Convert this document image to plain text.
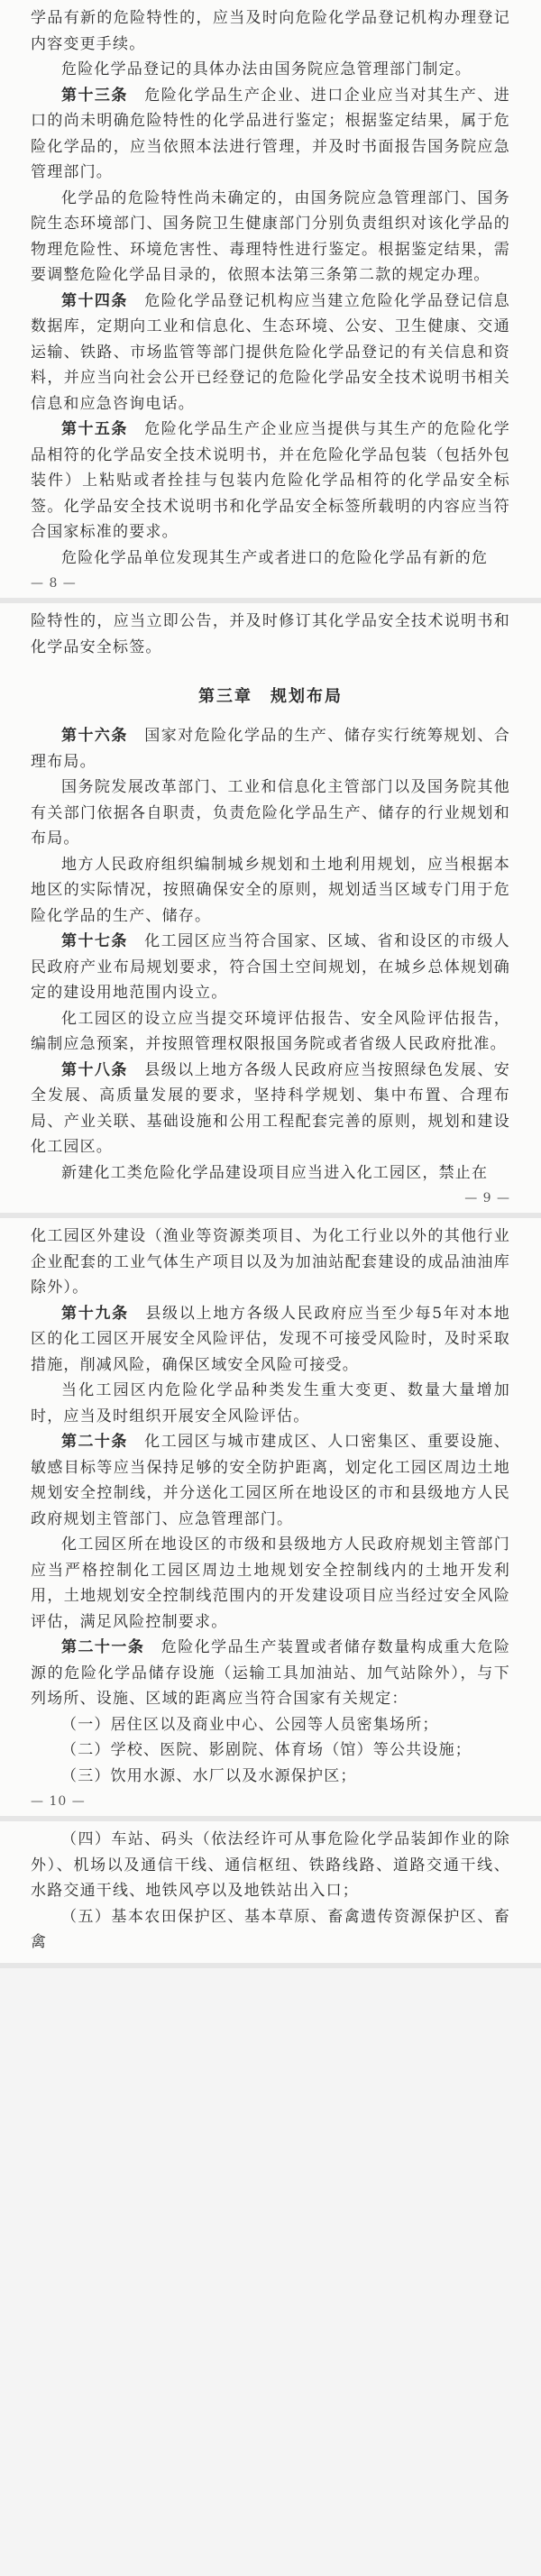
学品有新的危险特性的，应当及时向危险化学品登记机构办理登记内容变更手续。

危险化学品登记的具体办法由国务院应急管理部门制定。

第十三条　 危险化学品生产企业、进口企业应当对其生产、进口的尚未明确危险特性的化学品进行鉴定；根据鉴定结果，属于危险化学品的，应当依照本法进行管理，并及时书面报告国务院应急管理部门。

化学品的危险特性尚未确定的，由国务院应急管理部门、国务院生态环境部门、国务院卫生健康部门分别负责组织对该化学品的物理危险性、环境危害性、毒理特性进行鉴定。根据鉴定结果，需要调整危险化学品目录的，依照本法第三条第二款的规定办理。

第十四条　 危险化学品登记机构应当建立危险化学品登记信息数据库，定期向工业和信息化、生态环境、公安、卫生健康、交通运输、铁路、市场监管等部门提供危险化学品登记的有关信息和资料，并应当向社会公开已经登记的危险化学品安全技术说明书相关信息和应急咨询电话。

第十五条　 危险化学品生产企业应当提供与其生产的危险化学品相符的化学品安全技术说明书，并在危险化学品包装（包括外包装件）上粘贴或者拴挂与包装内危险化学品相符的化学品安全标签。化学品安全技术说明书和化学品安全标签所载明的内容应当符合国家标准的要求。

危险化学品单位发现其生产或者进口的危险化学品有新的危

— 8 —

险特性的，应当立即公告，并及时修订其化学品安全技术说明书和化学品安全标签。

第三章　规划布局

第十六条　 国家对危险化学品的生产、储存实行统筹规划、合理布局。

国务院发展改革部门、工业和信息化主管部门以及国务院其他有关部门依据各自职责，负责危险化学品生产、储存的行业规划和布局。

地方人民政府组织编制城乡规划和土地利用规划，应当根据本地区的实际情况，按照确保安全的原则，规划适当区域专门用于危险化学品的生产、储存。

第十七条　 化工园区应当符合国家、区域、省和设区的市级人民政府产业布局规划要求，符合国土空间规划，在城乡总体规划确定的建设用地范围内设立。

化工园区的设立应当提交环境评估报告、安全风险评估报告，编制应急预案，并按照管理权限报国务院或者省级人民政府批准。

第十八条　 县级以上地方各级人民政府应当按照绿色发展、安全发展、高质量发展的要求，坚持科学规划、集中布置、合理布局、产业关联、基础设施和公用工程配套完善的原则，规划和建设化工园区。

新建化工类危险化学品建设项目应当进入化工园区，禁止在

— 9 —

化工园区外建设（渔业等资源类项目、为化工行业以外的其他行业企业配套的工业气体生产项目以及为加油站配套建设的成品油油库除外）。

第十九条　 县级以上地方各级人民政府应当至少每5年对本地区的化工园区开展安全风险评估，发现不可接受风险时，及时采取措施，削减风险，确保区域安全风险可接受。

当化工园区内危险化学品种类发生重大变更、数量大量增加时，应当及时组织开展安全风险评估。

第二十条　 化工园区与城市建成区、人口密集区、重要设施、敏感目标等应当保持足够的安全防护距离，划定化工园区周边土地规划安全控制线，并分送化工园区所在地设区的市和县级地方人民政府规划主管部门、应急管理部门。

化工园区所在地设区的市级和县级地方人民政府规划主管部门应当严格控制化工园区周边土地规划安全控制线内的土地开发利用，土地规划安全控制线范围内的开发建设项目应当经过安全风险评估，满足风险控制要求。

第二十一条　 危险化学品生产装置或者储存数量构成重大危险源的危险化学品储存设施（运输工具加油站、加气站除外），与下列场所、设施、区域的距离应当符合国家有关规定：

（一）居住区以及商业中心、公园等人员密集场所；

（二）学校、医院、影剧院、体育场（馆）等公共设施；

（三）饮用水源、水厂以及水源保护区；

— 10 —

（四）车站、码头（依法经许可从事危险化学品装卸作业的除外）、机场以及通信干线、通信枢纽、铁路线路、道路交通干线、水路交通干线、地铁风亭以及地铁站出入口；

（五）基本农田保护区、基本草原、畜禽遗传资源保护区、畜禽
